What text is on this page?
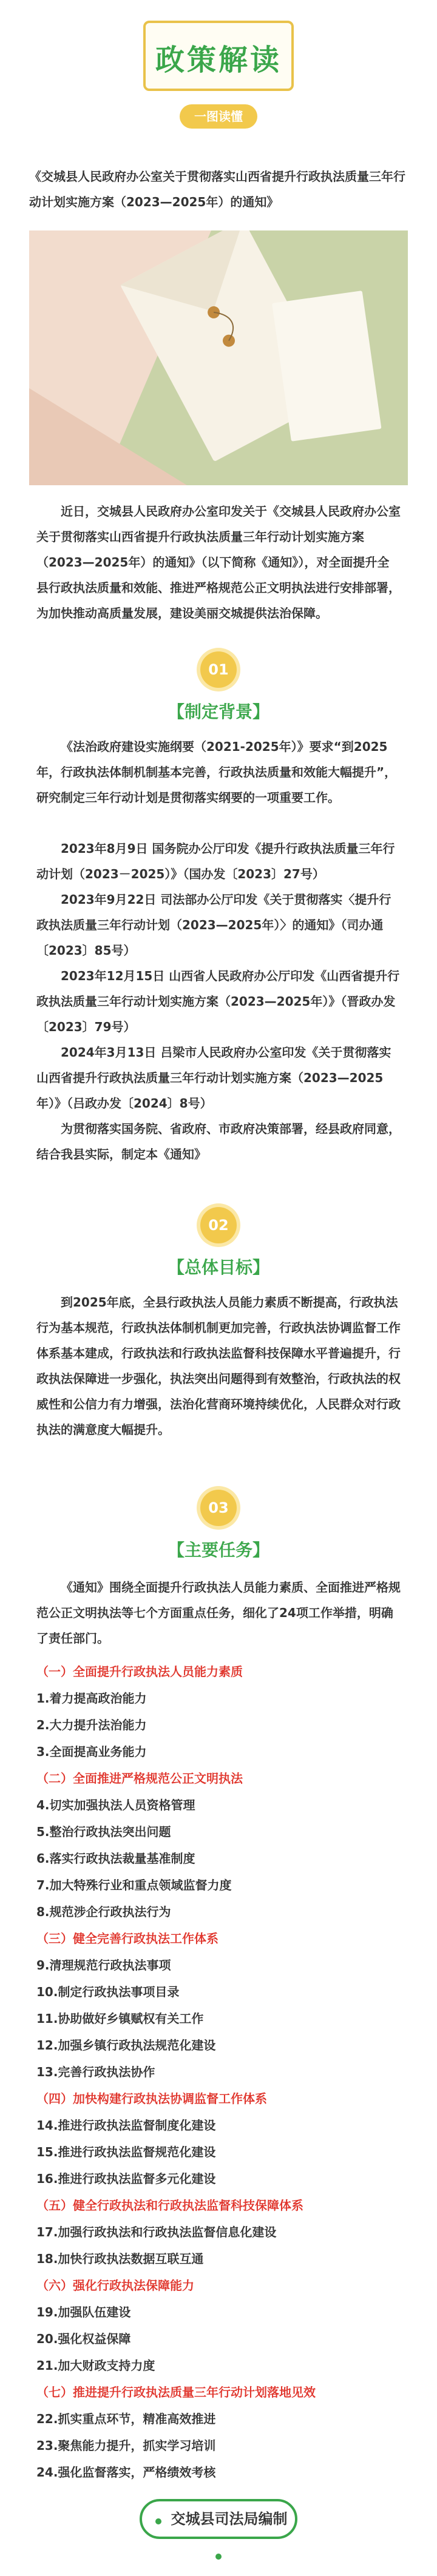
政策解读
一图读懂
《交城县人民政府办公室关于贯彻落实山西省提升行政执法质量三年行动计划实施方案（2023—2025年）的通知》
近日，交城县人民政府办公室印发关于《交城县人民政府办公室关于贯彻落实山西省提升行政执法质量三年行动计划实施方案（2023—2025年）的通知》（以下简称《通知》），对全面提升全县行政执法质量和效能、推进严格规范公正文明执法进行安排部署，为加快推动高质量发展，建设美丽交城提供法治保障。
01
【制定背景】
《法治政府建设实施纲要（2021-2025年）》要求“到2025年，行政执法体制机制基本完善，行政执法质量和效能大幅提升”，研究制定三年行动计划是贯彻落实纲要的一项重要工作。
2023年8月9日 国务院办公厅印发《提升行政执法质量三年行动计划（2023－2025）》（国办发〔2023〕27号）
2023年9月22日 司法部办公厅印发《关于贯彻落实〈提升行政执法质量三年行动计划（2023—2025年）〉的通知》（司办通〔2023〕85号）
2023年12月15日 山西省人民政府办公厅印发《山西省提升行政执法质量三年行动计划实施方案（2023—2025年）》（晋政办发〔2023〕79号）
2024年3月13日 吕梁市人民政府办公室印发《关于贯彻落实山西省提升行政执法质量三年行动计划实施方案（2023—2025年）》（吕政办发〔2024〕8号）
为贯彻落实国务院、省政府、市政府决策部署，经县政府同意，结合我县实际，制定本《通知》
02
【总体目标】
到2025年底，全县行政执法人员能力素质不断提高，行政执法行为基本规范，行政执法体制机制更加完善，行政执法协调监督工作体系基本建成，行政执法和行政执法监督科技保障水平普遍提升，行政执法保障进一步强化，执法突出问题得到有效整治，行政执法的权威性和公信力有力增强，法治化营商环境持续优化，人民群众对行政执法的满意度大幅提升。
03
【主要任务】
《通知》围绕全面提升行政执法人员能力素质、全面推进严格规范公正文明执法等七个方面重点任务，细化了24项工作举措，明确了责任部门。
（一）全面提升行政执法人员能力素质
1.着力提高政治能力
2.大力提升法治能力
3.全面提高业务能力
（二）全面推进严格规范公正文明执法
4.切实加强执法人员资格管理
5.整治行政执法突出问题
6.落实行政执法裁量基准制度
7.加大特殊行业和重点领域监督力度
8.规范涉企行政执法行为
（三）健全完善行政执法工作体系
9.清理规范行政执法事项
10.制定行政执法事项目录
11.协助做好乡镇赋权有关工作
12.加强乡镇行政执法规范化建设
13.完善行政执法协作
（四）加快构建行政执法协调监督工作体系
14.推进行政执法监督制度化建设
15.推进行政执法监督规范化建设
16.推进行政执法监督多元化建设
（五）健全行政执法和行政执法监督科技保障体系
17.加强行政执法和行政执法监督信息化建设
18.加快行政执法数据互联互通
（六）强化行政执法保障能力
19.加强队伍建设
20.强化权益保障
21.加大财政支持力度
（七）推进提升行政执法质量三年行动计划落地见效
22.抓实重点环节，精准高效推进
23.聚焦能力提升，抓实学习培训
24.强化监督落实，严格绩效考核
交城县司法局编制
